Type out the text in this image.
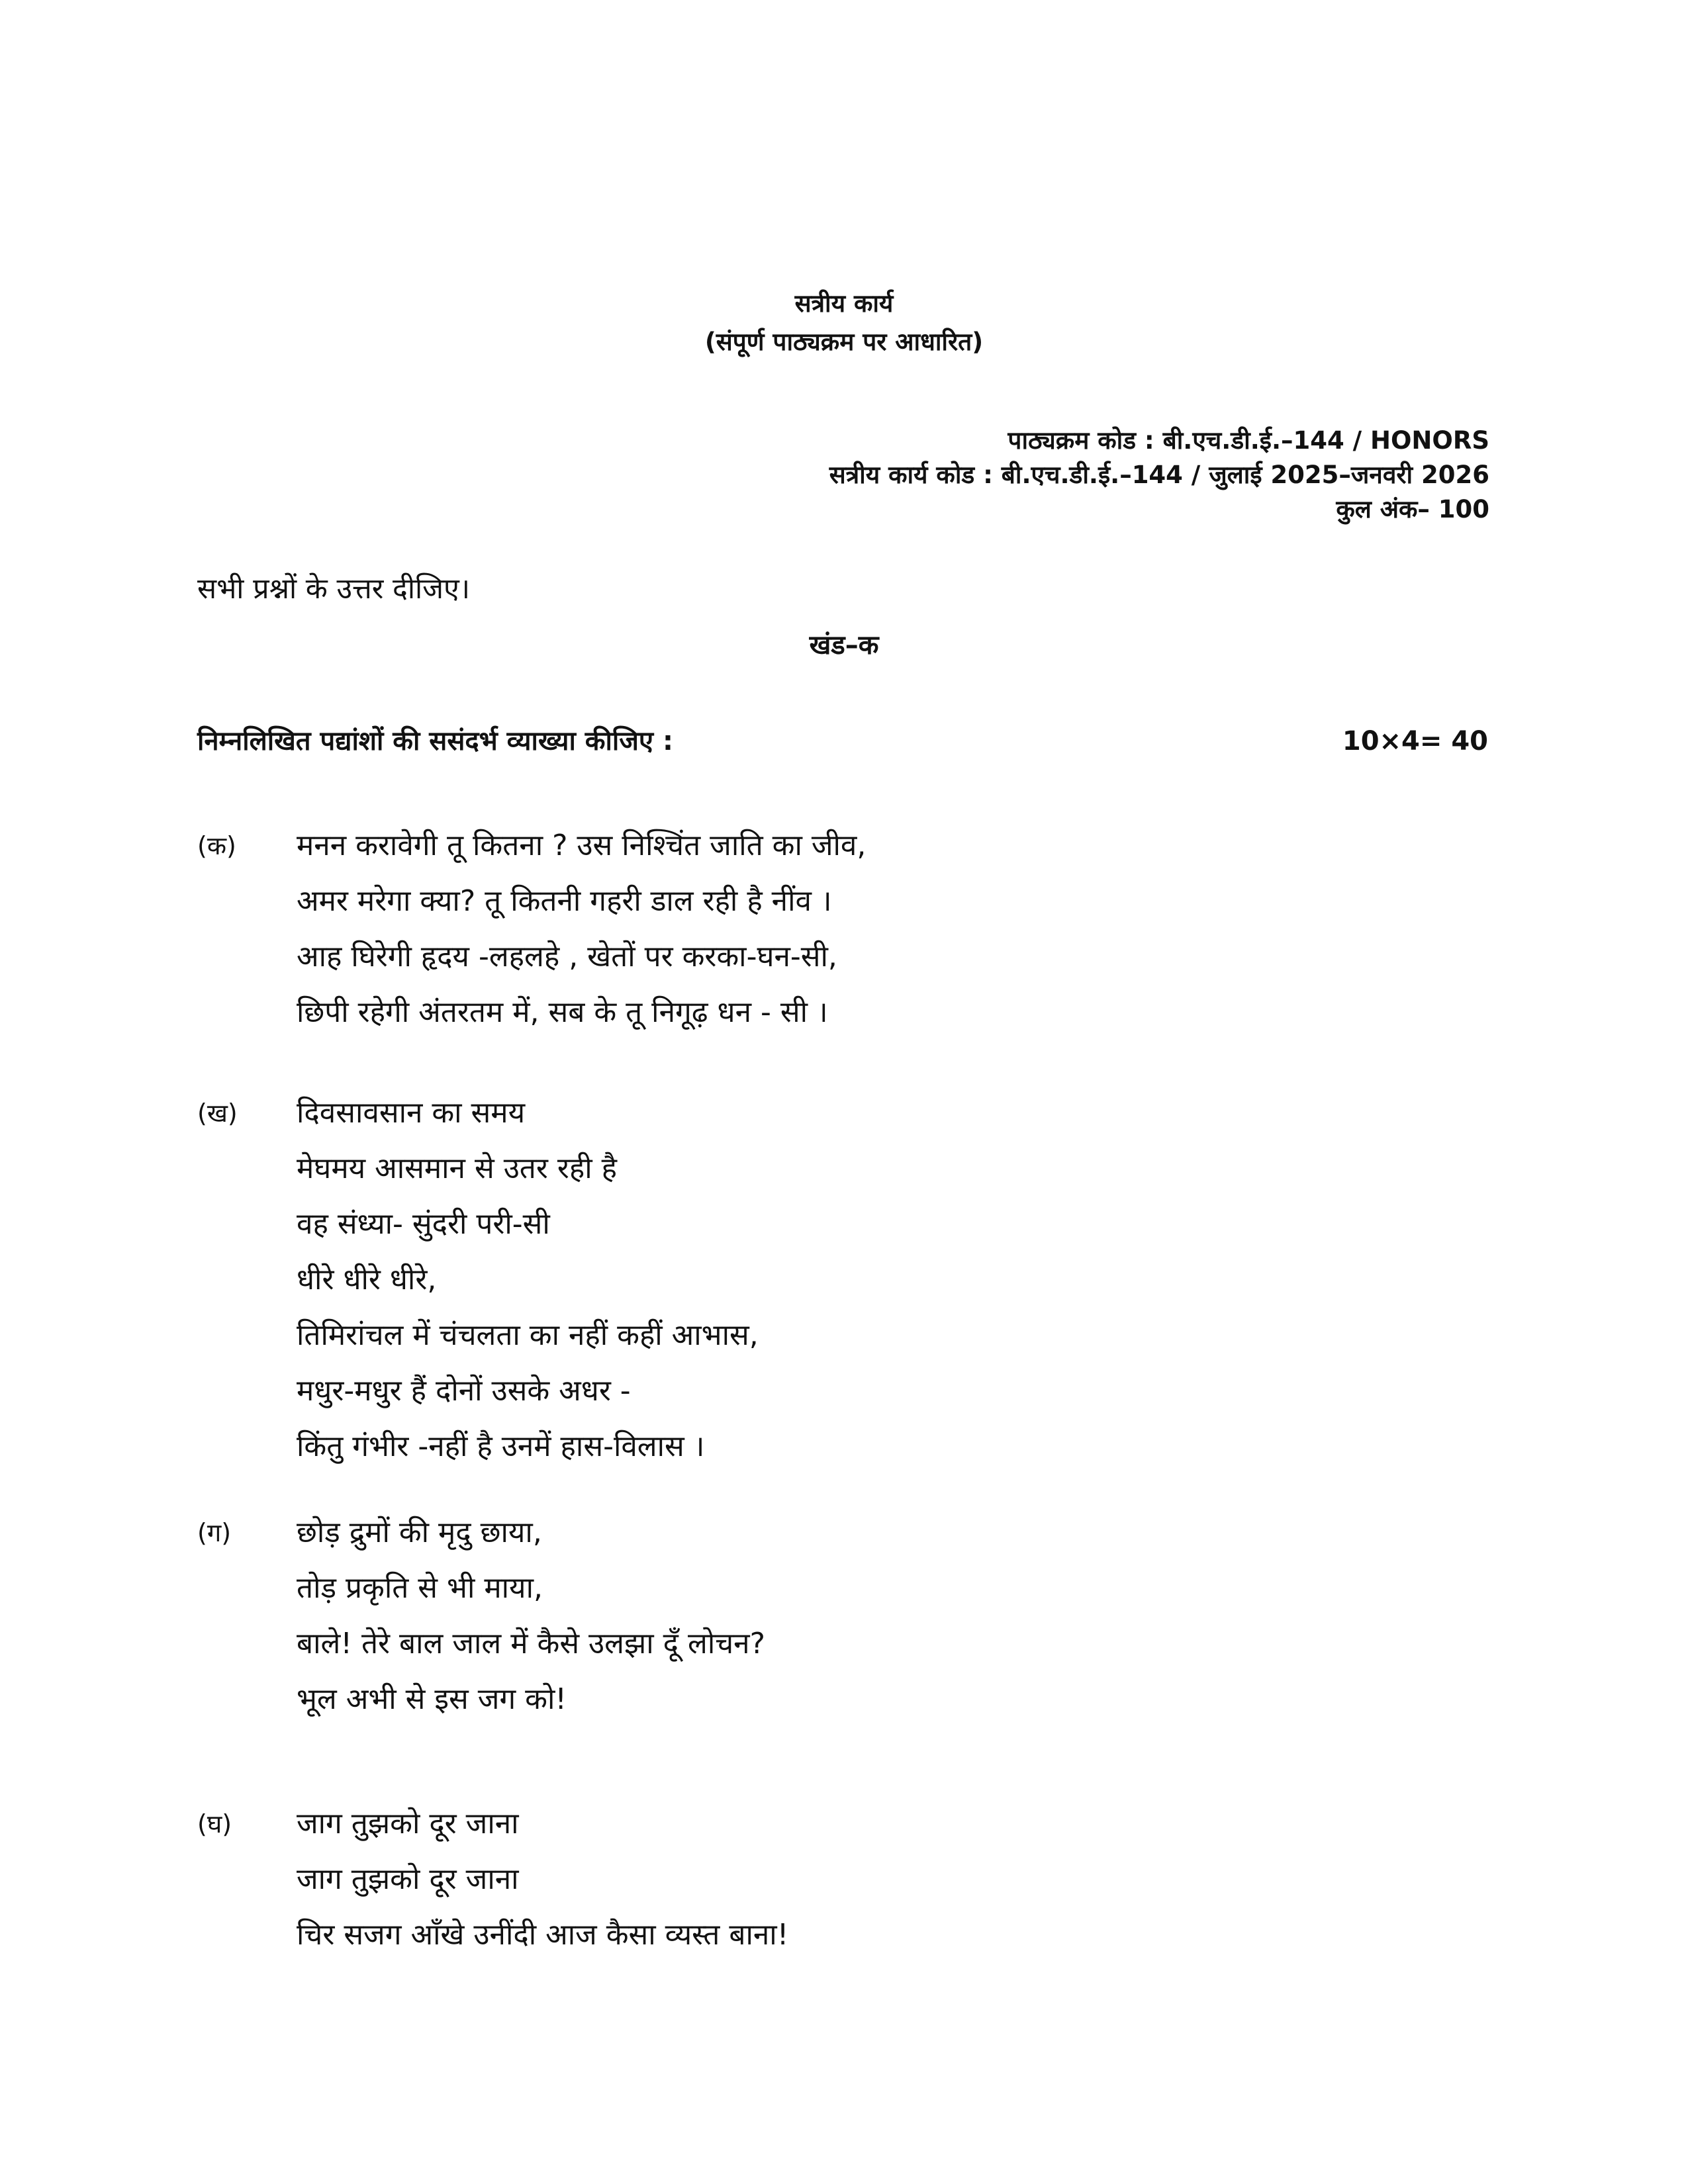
सत्रीय कार्य
(संपूर्ण पाठ्यक्रम पर आधारित)
पाठ्यक्रम कोड : बी.एच.डी.ई.–144 / HONORS
सत्रीय कार्य कोड : बी.एच.डी.ई.–144 / जुलाई 2025–जनवरी 2026
कुल अंक– 100
सभी प्रश्नों के उत्तर दीजिए।
खंड–क
निम्नलिखित पद्यांशों की ससंदर्भ व्याख्या कीजिए :	10×4= 40
(क)	मनन करावेगी तू कितना ? उस निश्चिंत जाति का जीव,
अमर मरेगा क्या? तू कितनी गहरी डाल रही है नींव ।
आह घिरेगी हृदय -लहलहे , खेतों पर करका-घन-सी,
छिपी रहेगी अंतरतम में, सब के तू निगूढ़ धन - सी ।
(ख)	दिवसावसान का समय
मेघमय आसमान से उतर रही है
वह संध्या- सुंदरी परी-सी
धीरे धीरे धीरे,
तिमिरांचल में चंचलता का नहीं कहीं आभास,
मधुर-मधुर हैं दोनों उसके अधर -
किंतु गंभीर -नहीं है उनमें हास-विलास ।
(ग)	छोड़ द्रुमों की मृदु छाया,
तोड़ प्रकृति से भी माया,
बाले! तेरे बाल जाल में कैसे उलझा दूँ लोचन?
भूल अभी से इस जग को!
(घ)	जाग तुझको दूर जाना
जाग तुझको दूर जाना
चिर सजग आँखे उनींदी आज कैसा व्यस्त बाना!
